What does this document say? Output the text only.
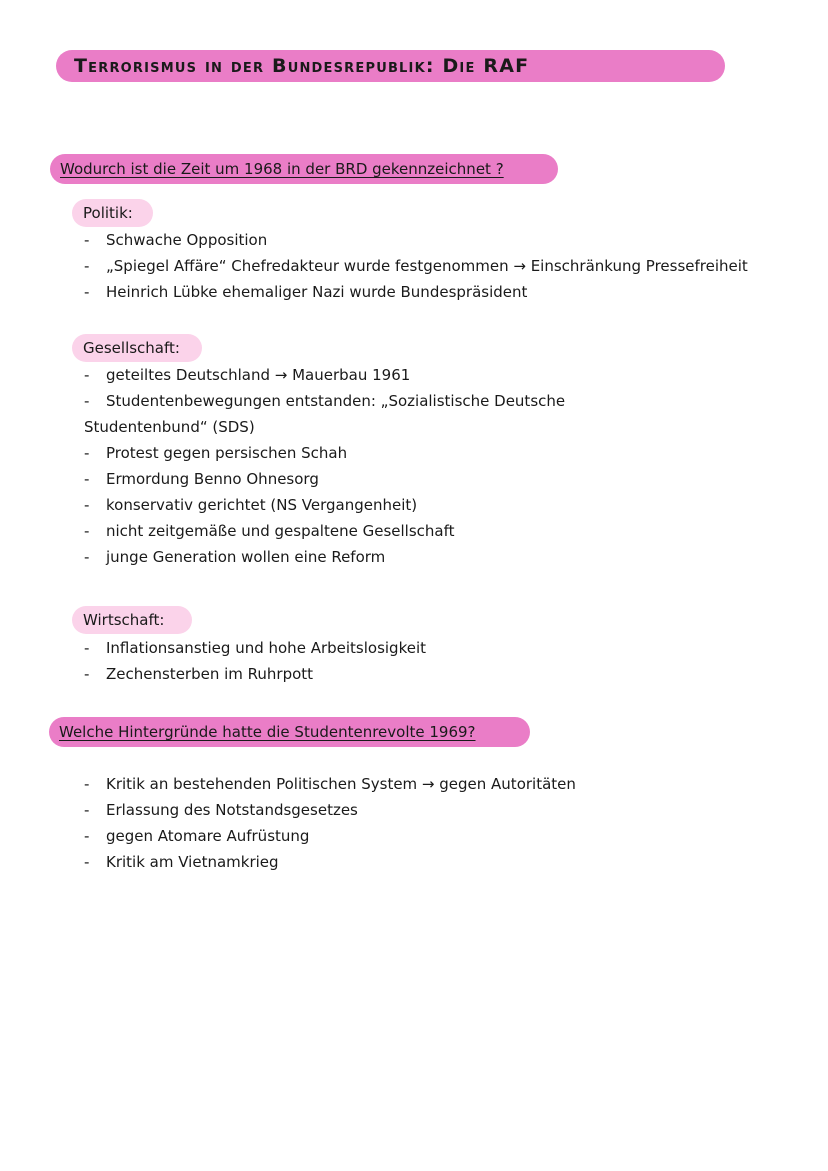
Terrorismus in der Bundesrepublik: Die RAF
Wodurch ist die Zeit um 1968 in der BRD gekennzeichnet ?
Politik:
- Schwache Opposition
- „Spiegel Affäre“ Chefredakteur wurde festgenommen → Einschränkung Pressefreiheit
- Heinrich Lübke ehemaliger Nazi wurde Bundespräsident
Gesellschaft:
- geteiltes Deutschland → Mauerbau 1961
- Studentenbewegungen entstanden: „Sozialistische Deutsche
Studentenbund“ (SDS)
- Protest gegen persischen Schah
- Ermordung Benno Ohnesorg
- konservativ gerichtet (NS Vergangenheit)
- nicht zeitgemäße und gespaltene Gesellschaft
- junge Generation wollen eine Reform
Wirtschaft:
- Inflationsanstieg und hohe Arbeitslosigkeit
- Zechensterben im Ruhrpott
Welche Hintergründe hatte die Studentenrevolte 1969?
- Kritik an bestehenden Politischen System → gegen Autoritäten
- Erlassung des Notstandsgesetzes
- gegen Atomare Aufrüstung
- Kritik am Vietnamkrieg
